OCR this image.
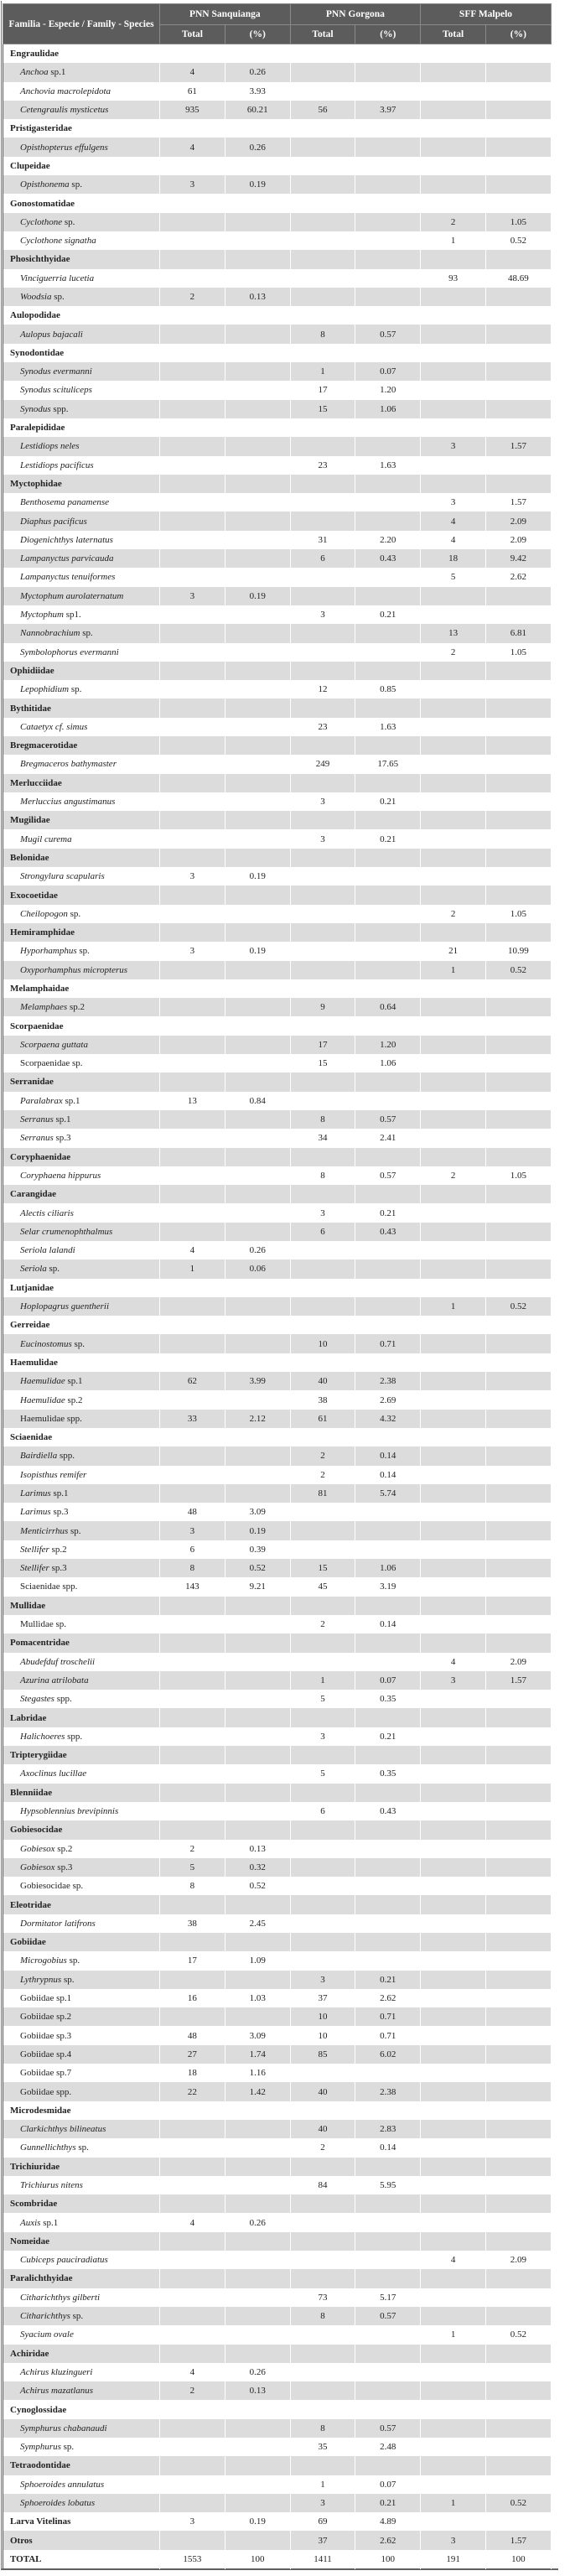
Familia - Especie / Family - Species	PNN Sanquianga		PNN Gorgona		SFF Malpelo	
	Total	(%)	Total	(%)	Total	(%)
Engraulidae						
Anchoa sp.1	4	0.26				
Anchovia macrolepidota	61	3.93				
Cetengraulis mysticetus	935	60.21	56	3.97		
Pristigasteridae						
Opisthopterus effulgens	4	0.26				
Clupeidae						
Opisthonema sp.	3	0.19				
Gonostomatidae						
Cyclothone sp.					2	1.05
Cyclothone signatha					1	0.52
Phosichthyidae						
Vinciguerria lucetia					93	48.69
Woodsia sp.	2	0.13				
Aulopodidae						
Aulopus bajacali			8	0.57		
Synodontidae						
Synodus evermanni			1	0.07		
Synodus scituliceps			17	1.20		
Synodus spp.			15	1.06		
Paralepididae						
Lestidiops neles					3	1.57
Lestidiops pacificus			23	1.63		
Myctophidae						
Benthosema panamense					3	1.57
Diaphus pacificus					4	2.09
Diogenichthys laternatus			31	2.20	4	2.09
Lampanyctus parvicauda			6	0.43	18	9.42
Lampanyctus tenuiformes					5	2.62
Myctophum aurolaternatum	3	0.19				
Myctophum sp1.			3	0.21		
Nannobrachium sp.					13	6.81
Symbolophorus evermanni					2	1.05
Ophidiidae						
Lepophidium sp.			12	0.85		
Bythitidae						
Cataetyx cf. simus			23	1.63		
Bregmacerotidae						
Bregmaceros bathymaster			249	17.65		
Merlucciidae						
Merluccius angustimanus			3	0.21		
Mugilidae						
Mugil curema			3	0.21		
Belonidae						
Strongylura scapularis	3	0.19				
Exocoetidae						
Cheilopogon sp.					2	1.05
Hemiramphidae						
Hyporhamphus sp.	3	0.19			21	10.99
Oxyporhamphus micropterus					1	0.52
Melamphaidae						
Melamphaes sp.2			9	0.64		
Scorpaenidae						
Scorpaena guttata			17	1.20		
Scorpaenidae sp.			15	1.06		
Serranidae						
Paralabrax sp.1	13	0.84				
Serranus sp.1			8	0.57		
Serranus sp.3			34	2.41		
Coryphaenidae						
Coryphaena hippurus			8	0.57	2	1.05
Carangidae						
Alectis ciliaris			3	0.21		
Selar crumenophthalmus			6	0.43		
Seriola lalandi	4	0.26				
Seriola sp.	1	0.06				
Lutjanidae						
Hoplopagrus guentherii					1	0.52
Gerreidae						
Eucinostomus sp.			10	0.71		
Haemulidae						
Haemulidae sp.1	62	3.99	40	2.38		
Haemulidae sp.2			38	2.69		
Haemulidae spp.	33	2.12	61	4.32		
Sciaenidae						
Bairdiella spp.			2	0.14		
Isopisthus remifer			2	0.14		
Larimus sp.1			81	5.74		
Larimus sp.3	48	3.09				
Menticirrhus sp.	3	0.19				
Stellifer sp.2	6	0.39				
Stellifer sp.3	8	0.52	15	1.06		
Sciaenidae spp.	143	9.21	45	3.19		
Mullidae						
Mullidae sp.			2	0.14		
Pomacentridae						
Abudefduf troschelii					4	2.09
Azurina atrilobata			1	0.07	3	1.57
Stegastes spp.			5	0.35		
Labridae						
Halichoeres spp.			3	0.21		
Tripterygiidae						
Axoclinus lucillae			5	0.35		
Blenniidae						
Hypsoblennius brevipinnis			6	0.43		
Gobiesocidae						
Gobiesox sp.2	2	0.13				
Gobiesox sp.3	5	0.32				
Gobiesocidae sp.	8	0.52				
Eleotridae						
Dormitator latifrons	38	2.45				
Gobiidae						
Microgobius sp.	17	1.09				
Lythrypnus sp.			3	0.21		
Gobiidae sp.1	16	1.03	37	2.62		
Gobiidae sp.2			10	0.71		
Gobiidae sp.3	48	3.09	10	0.71		
Gobiidae sp.4	27	1.74	85	6.02		
Gobiidae sp.7	18	1.16				
Gobiidae spp.	22	1.42	40	2.38		
Microdesmidae						
Clarkichthys bilineatus			40	2.83		
Gunnellichthys sp.			2	0.14		
Trichiuridae						
Trichiurus nitens			84	5.95		
Scombridae						
Auxis sp.1	4	0.26				
Nomeidae						
Cubiceps pauciradiatus					4	2.09
Paralichthyidae						
Citharichthys gilberti			73	5.17		
Citharichthys sp.			8	0.57		
Syacium ovale					1	0.52
Achiridae						
Achirus kluzingueri	4	0.26				
Achirus mazatlanus	2	0.13				
Cynoglossidae						
Symphurus chabanaudi			8	0.57		
Symphurus sp.			35	2.48		
Tetraodontidae						
Sphoeroides annulatus			1	0.07		
Sphoeroides lobatus			3	0.21	1	0.52
Larva Vitelinas	3	0.19	69	4.89		
Otros			37	2.62	3	1.57
TOTAL	1553	100	1411	100	191	100
